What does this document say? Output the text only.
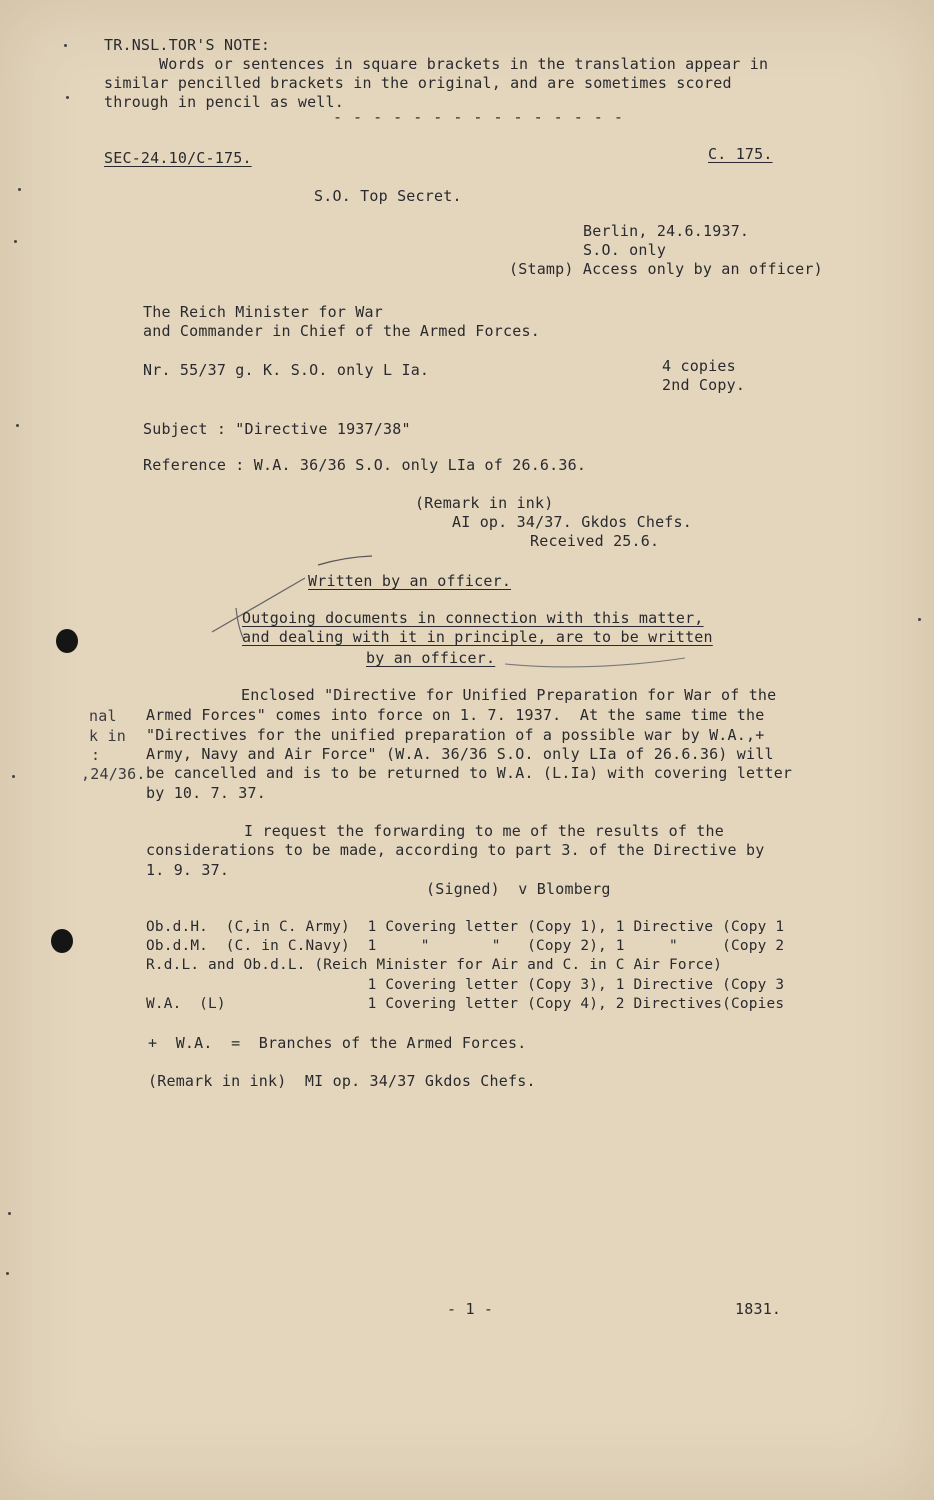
TR.NSL.TOR'S NOTE:
Words or sentences in square brackets in the translation appear in
similar pencilled brackets in the original, and are sometimes scored
through in pencil as well.
- - - - - - - - - - - - - - -
SEC-24.10/C-175.	C. 175.
S.O. Top Secret.
Berlin, 24.6.1937.
S.O. only
(Stamp) Access only by an officer)
The Reich Minister for War
and Commander in Chief of the Armed Forces.
Nr. 55/37 g. K. S.O. only L Ia.	4 copies
2nd Copy.
Subject : "Directive 1937/38"
Reference : W.A. 36/36 S.O. only LIa of 26.6.36.
(Remark in ink)
AI op. 34/37. Gkdos Chefs.
Received 25.6.
Written by an officer.
Outgoing documents in connection with this matter,
and dealing with it in principle, are to be written
by an officer.
nal
k in
:
,24/36.
Enclosed "Directive for Unified Preparation for War of the
Armed Forces" comes into force on 1. 7. 1937.  At the same time the
"Directives for the unified preparation of a possible war by W.A.,+
Army, Navy and Air Force" (W.A. 36/36 S.O. only LIa of 26.6.36) will
be cancelled and is to be returned to W.A. (L.Ia) with covering letter
by 10. 7. 37.
I request the forwarding to me of the results of the
considerations to be made, according to part 3. of the Directive by
1. 9. 37.
(Signed)  v Blomberg
Ob.d.H.  (C,in C. Army)  1 Covering letter (Copy 1), 1 Directive (Copy 1
Ob.d.M.  (C. in C.Navy)  1     "       "   (Copy 2), 1     "     (Copy 2
R.d.L. and Ob.d.L. (Reich Minister for Air and C. in C Air Force)
1 Covering letter (Copy 3), 1 Directive (Copy 3
W.A.  (L)                1 Covering letter (Copy 4), 2 Directives(Copies
+  W.A.  =  Branches of the Armed Forces.
(Remark in ink)  MI op. 34/37 Gkdos Chefs.
- 1 -	1831.
